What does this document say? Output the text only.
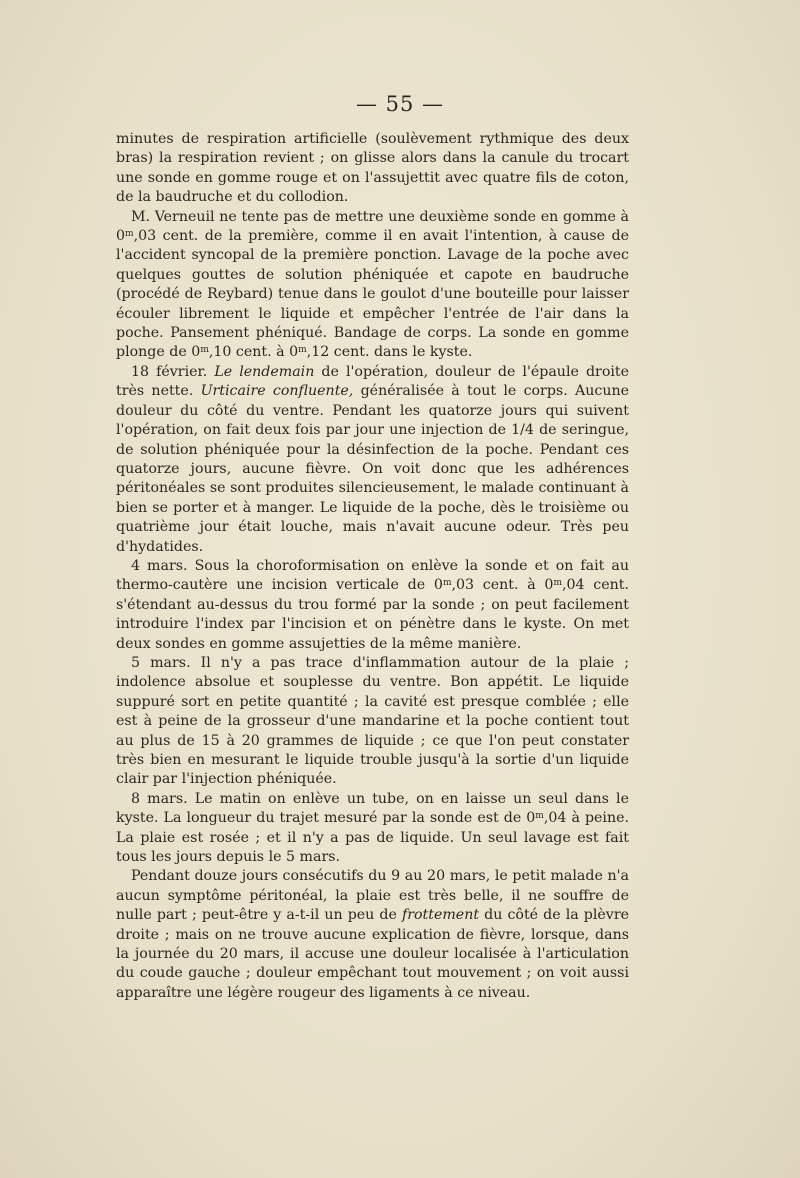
— 55 —

minutes de respiration artificielle (soulèvement rythmique des deux bras) la respiration revient ; on glisse alors dans la canule du trocart une sonde en gomme rouge et on l'assujettit avec quatre fils de coton, de la baudruche et du collodion.

M. Verneuil ne tente pas de mettre une deuxième sonde en gomme à 0$^m$,03 cent. de la première, comme il en avait l'intention, à cause de l'accident syncopal de la première ponction. Lavage de la poche avec quelques gouttes de solution phéniquée et capote en baudruche (procédé de Reybard) tenue dans le goulot d'une bouteille pour laisser écouler librement le liquide et empêcher l'entrée de l'air dans la poche. Pansement phéniqué. Bandage de corps. La sonde en gomme plonge de 0$^m$,10 cent. à 0$^m$,12 cent. dans le kyste.

18 février. Le lendemain de l'opération, douleur de l'épaule droite très nette. Urticaire confluente, généralisée à tout le corps. Aucune douleur du côté du ventre. Pendant les quatorze jours qui suivent l'opération, on fait deux fois par jour une injection de 1/4 de seringue, de solution phéniquée pour la désinfection de la poche. Pendant ces quatorze jours, aucune fièvre. On voit donc que les adhérences péritonéales se sont produites silencieusement, le malade continuant à bien se porter et à manger. Le liquide de la poche, dès le troisième ou quatrième jour était louche, mais n'avait aucune odeur. Très peu d'hydatides.

4 mars. Sous la choroformisation on enlève la sonde et on fait au thermo-cautère une incision verticale de 0$^m$,03 cent. à 0$^m$,04 cent. s'étendant au-dessus du trou formé par la sonde ; on peut facilement introduire l'index par l'incision et on pénètre dans le kyste. On met deux sondes en gomme assujetties de la même manière.

5 mars. Il n'y a pas trace d'inflammation autour de la plaie ; indolence absolue et souplesse du ventre. Bon appétit. Le liquide suppuré sort en petite quantité ; la cavité est presque comblée ; elle est à peine de la grosseur d'une mandarine et la poche contient tout au plus de 15 à 20 grammes de liquide ; ce que l'on peut constater très bien en mesurant le liquide trouble jusqu'à la sortie d'un liquide clair par l'injection phéniquée.

8 mars. Le matin on enlève un tube, on en laisse un seul dans le kyste. La longueur du trajet mesuré par la sonde est de 0$^m$,04 à peine. La plaie est rosée ; et il n'y a pas de liquide. Un seul lavage est fait tous les jours depuis le 5 mars.

Pendant douze jours consécutifs du 9 au 20 mars, le petit malade n'a aucun symptôme péritonéal, la plaie est très belle, il ne souffre de nulle part ; peut-être y a-t-il un peu de frottement du côté de la plèvre droite ; mais on ne trouve aucune explication de fièvre, lorsque, dans la journée du 20 mars, il accuse une douleur localisée à l'articulation du coude gauche ; douleur empêchant tout mouvement ; on voit aussi apparaître une légère rougeur des ligaments à ce niveau.
